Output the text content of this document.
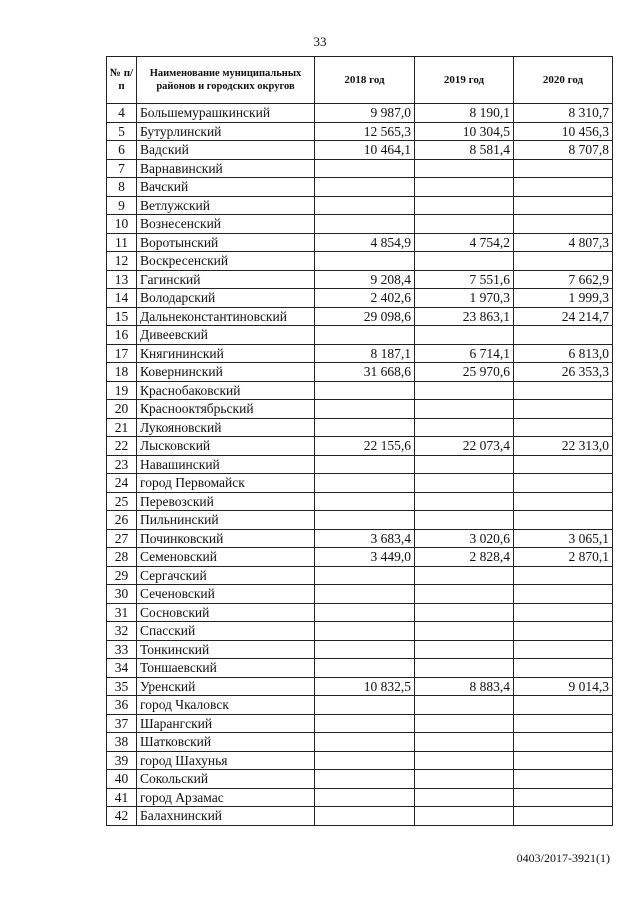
33
№ п/п	Наименование муниципальных районов и городских округов	2018 год	2019 год	2020 год
4	Большемурашкинский	9 987,0	8 190,1	8 310,7
5	Бутурлинский	12 565,3	10 304,5	10 456,3
6	Вадский	10 464,1	8 581,4	8 707,8
7	Варнавинский			
8	Вачский			
9	Ветлужский			
10	Вознесенский			
11	Воротынский	4 854,9	4 754,2	4 807,3
12	Воскресенский			
13	Гагинский	9 208,4	7 551,6	7 662,9
14	Володарский	2 402,6	1 970,3	1 999,3
15	Дальнеконстантиновский	29 098,6	23 863,1	24 214,7
16	Дивеевский			
17	Княгининский	8 187,1	6 714,1	6 813,0
18	Ковернинский	31 668,6	25 970,6	26 353,3
19	Краснобаковский			
20	Краснооктябрьский			
21	Лукояновский			
22	Лысковский	22 155,6	22 073,4	22 313,0
23	Навашинский			
24	город Первомайск			
25	Перевозский			
26	Пильнинский			
27	Починковский	3 683,4	3 020,6	3 065,1
28	Семеновский	3 449,0	2 828,4	2 870,1
29	Сергачский			
30	Сеченовский			
31	Сосновский			
32	Спасский			
33	Тонкинский			
34	Тоншаевский			
35	Уренский	10 832,5	8 883,4	9 014,3
36	город Чкаловск			
37	Шарангский			
38	Шатковский			
39	город Шахунья			
40	Сокольский			
41	город Арзамас			
42	Балахнинский			
0403/2017-3921(1)
